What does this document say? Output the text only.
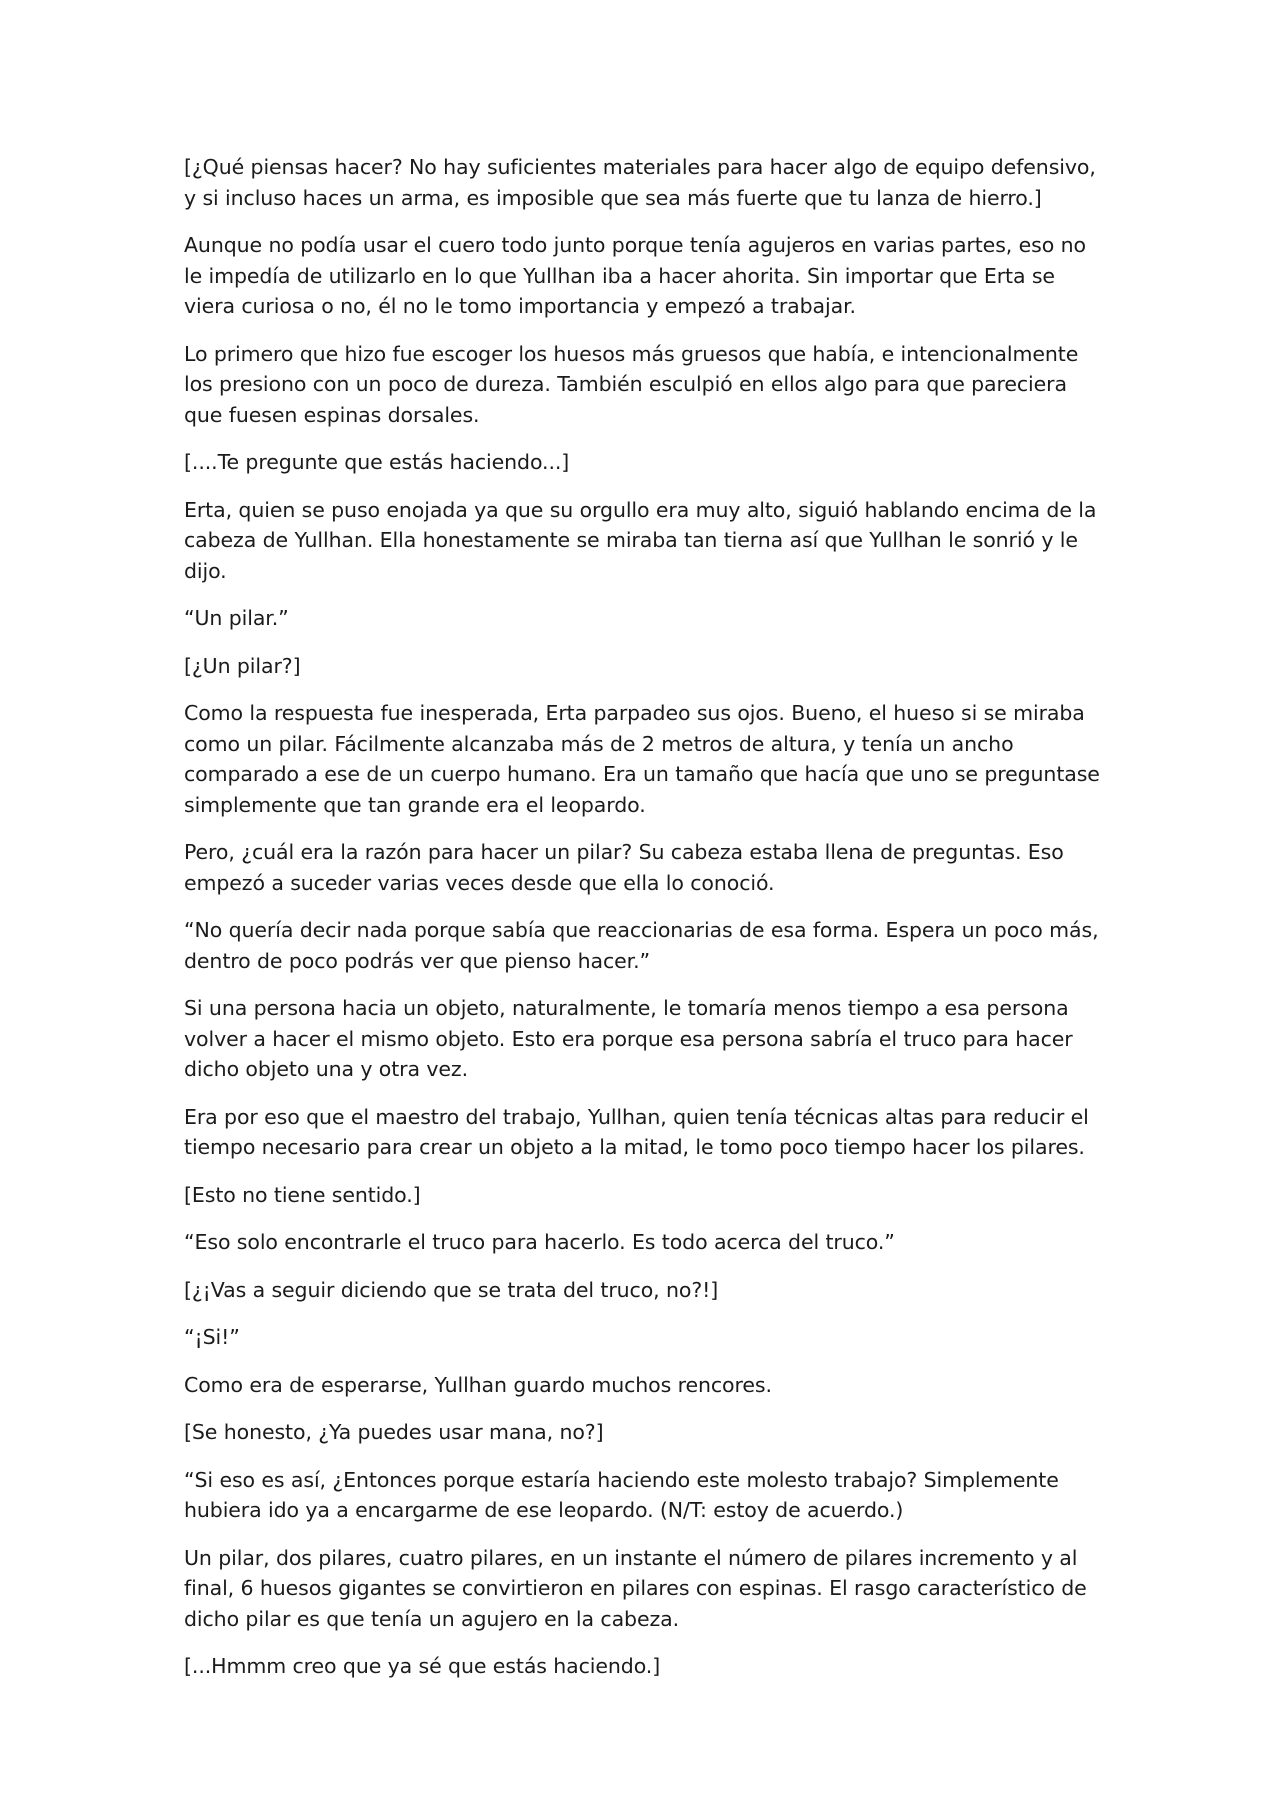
[¿Qué piensas hacer? No hay suficientes materiales para hacer algo de equipo defensivo, y si incluso haces un arma, es imposible que sea más fuerte que tu lanza de hierro.]

Aunque no podía usar el cuero todo junto porque tenía agujeros en varias partes, eso no le impedía de utilizarlo en lo que Yullhan iba a hacer ahorita. Sin importar que Erta se viera curiosa o no, él no le tomo importancia y empezó a trabajar.

Lo primero que hizo fue escoger los huesos más gruesos que había, e intencionalmente los presiono con un poco de dureza. También esculpió en ellos algo para que pareciera que fuesen espinas dorsales.

[....Te pregunte que estás haciendo...]

Erta, quien se puso enojada ya que su orgullo era muy alto, siguió hablando encima de la cabeza de Yullhan. Ella honestamente se miraba tan tierna así que Yullhan le sonrió y le dijo.

“Un pilar.”

[¿Un pilar?]

Como la respuesta fue inesperada, Erta parpadeo sus ojos. Bueno, el hueso si se miraba como un pilar. Fácilmente alcanzaba más de 2 metros de altura, y tenía un ancho comparado a ese de un cuerpo humano. Era un tamaño que hacía que uno se preguntase simplemente que tan grande era el leopardo.

Pero, ¿cuál era la razón para hacer un pilar? Su cabeza estaba llena de preguntas. Eso empezó a suceder varias veces desde que ella lo conoció.

“No quería decir nada porque sabía que reaccionarias de esa forma. Espera un poco más, dentro de poco podrás ver que pienso hacer.”

Si una persona hacia un objeto, naturalmente, le tomaría menos tiempo a esa persona volver a hacer el mismo objeto. Esto era porque esa persona sabría el truco para hacer dicho objeto una y otra vez.

Era por eso que el maestro del trabajo, Yullhan, quien tenía técnicas altas para reducir el tiempo necesario para crear un objeto a la mitad, le tomo poco tiempo hacer los pilares.

[Esto no tiene sentido.]

“Eso solo encontrarle el truco para hacerlo. Es todo acerca del truco.”

[¿¡Vas a seguir diciendo que se trata del truco, no?!]

“¡Si!”

Como era de esperarse, Yullhan guardo muchos rencores.

[Se honesto, ¿Ya puedes usar mana, no?]

“Si eso es así, ¿Entonces porque estaría haciendo este molesto trabajo? Simplemente hubiera ido ya a encargarme de ese leopardo. (N/T: estoy de acuerdo.)

Un pilar, dos pilares, cuatro pilares, en un instante el número de pilares incremento y al final, 6 huesos gigantes se convirtieron en pilares con espinas. El rasgo característico de dicho pilar es que tenía un agujero en la cabeza.

[...Hmmm creo que ya sé que estás haciendo.]
